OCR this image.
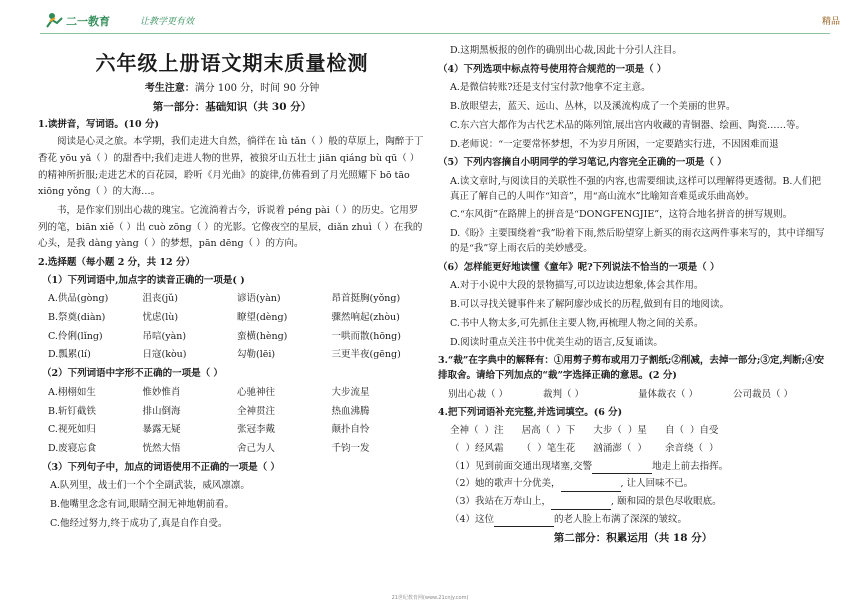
二一教育	让教学更有效	精品
六年级上册语文期末质量检测
考生注意：满分 100 分，时间 90 分钟
第一部分：基础知识（共 30 分）
1.读拼音，写词语。(10 分)

阅读是心灵之旅。本学期，我们走进大自然，徜徉在 lǜ tǎn（ ）般的草原上，陶醉于丁香花 yōu yǎ（ ）的甜香中;我们走进人物的世界，被狼牙山五壮士 jiān qiáng bù qū（ ）的精神所折服;走进艺术的百花园，聆听《月光曲》的旋律,仿佛看到了月光照耀下 bō tāo xiōng yǒng（ ）的大海…。

书，是作家们别出心裁的瑰宝。它流淌着古今，诉说着 péng pài（ ）的历史。它用罗列的笔，biān xiě（ ）出 cuò zōng（ ）的光影。它像夜空的星辰，diǎn zhuì（ ）在我的心头，是我 dàng yàng（ ）的梦想，pān dēng（ ）的方向。

2.选择题（每小题 2 分，共 12 分）
（1）下列词语中,加点字的读音正确的一项是( )
A.供品(gòng)	沮丧(jǔ)	谚语(yàn)	昂首挺胸(yǒng)
B.祭奠(diàn)	忧虑(lù)	瞭望(dèng)	骤然响起(zhòu)
C.伶俐(lǐng)	吊唁(yàn)	蛮横(hèng)	一哄而散(hōng)
D.瓢累(lí)	日寇(kòu)	勾勒(lēi)	三更半夜(gēng)
（2）下列词语中字形不正确的一项是（ ）
A.栩栩如生	惟妙惟肖	心驰神往	大步流星
B.斩钉截铁	排山倒海	全神贯注	热血沸腾
C.视死如归	暴露无疑	张冠李戴	颠扑自怜
D.废寝忘食	恍然大悟	舍己为人	千钧一发
（3）下列句子中，加点的词语使用不正确的一项是（ ）
A.队列里，战士们一个个全副武装，威风凛凛。
B.他嘴里念念有词,眼睛空洞无神地朝前看。
C.他经过努力,终于成功了,真是自作自受。
D.这期黑板报的创作的确别出心裁,因此十分引人注目。
（4）下列选项中标点符号使用符合规范的一项是（ ）
A.是微信转账?还是支付宝付款?他拿不定主意。
B.放眼望去，蓝天、远山、丛林，以及溪流构成了一个美丽的世界。
C.东六宫大都作为古代艺术品的陈列馆,展出宫内收藏的青铜器、绘画、陶瓷……等。
D.老师说：“一定要常怀梦想，不为岁月所困，一定要踏实行进，不因困难而退
（5）下列内容摘自小明同学的学习笔记,内容完全正确的一项是（ ）
A.读文章时,与阅读目的关联性不强的内容,也需要细读,这样可以理解得更透彻。B.人们把真正了解自己的人叫作“知音”，用“高山流水”比喻知音难觅或乐曲高妙。
C.“东风街”在路牌上的拼音是“DONGFENGJIE”，这符合地名拼音的拼写规则。
D.《盼》主要围绕着“我”盼着下雨,然后盼望穿上新买的雨衣这两件事来写的，其中详细写的是“我”穿上雨衣后的美妙感受。
（6）怎样能更好地读懂《童年》呢?下列说法不恰当的一项是（ ）
A.对于小说中大段的景物描写,可以边读边想象,体会其作用。
B.可以寻找关键事件来了解阿廖沙成长的历程,做到有目的地阅读。
C.书中人物太多,可先抓住主要人物,再梳理人物之间的关系。
D.阅读时重点关注书中优美生动的语言,反复诵读。
3.“裁”在字典中的解释有：①用剪子剪布或用刀子割纸;②削减，去掉一部分;③定,判断;④安排取舍。请给下列加点的“裁”字选择正确的意思。(2 分)
别出心裁（ ）	裁判（ ）	量体裁衣（ ）	公司裁员（ ）
4.把下列词语补充完整,并选词填空。(6 分)
全神（  ）注      居高（  ）下      大步（  ）星      自（  ）自受
（  ）经风霜      （  ）笔生花      汹涌澎（  ）      余音绕（  ）
（1）见到前面交通出现堵塞,交警	地走上前去指挥。
（2）她的歌声十分优美，	, 让人回味不已。
（3）我站在万寿山上，	, 颐和园的景色尽收眼底。
（4）这位	的老人脸上布满了深深的皱纹。
第二部分：积累运用（共 18 分）
21世纪教育网(www.21cnjy.com)
